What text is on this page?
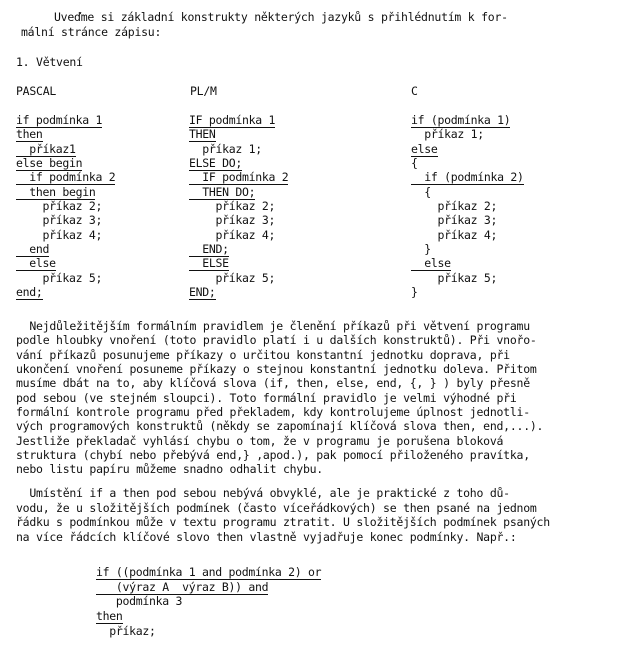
Uveďme si základní konstrukty některých jazyků s přihlédnutím k for-
mální stránce zápisu:
1. Větvení
PASCAL
if podmínka 1
then
příkaz1
else begin
if podmínka 2
then begin
příkaz 2;
příkaz 3;
příkaz 4;
end
else
příkaz 5;
end;
PL/M
IF podmínka 1
THEN
příkaz 1;
ELSE DO;
IF podmínka 2
THEN DO;
příkaz 2;
příkaz 3;
příkaz 4;
END;
ELSE
příkaz 5;
END;
C
if (podmínka 1)
příkaz 1;
else
{
if (podmínka 2)
{
příkaz 2;
příkaz 3;
příkaz 4;
}
else
příkaz 5;
}
Nejdůležitějším formálním pravidlem je členění příkazů při větvení programu
podle hloubky vnoření (toto pravidlo platí i u dalších konstruktů). Při vnořo-
vání příkazů posunujeme příkazy o určitou konstantní jednotku doprava, při
ukončení vnoření posuneme příkazy o stejnou konstantní jednotku doleva. Přitom
musíme dbát na to, aby klíčová slova (if, then, else, end, {, } ) byly přesně
pod sebou (ve stejném sloupci). Toto formální pravidlo je velmi výhodné při
formální kontrole programu před překladem, kdy kontrolujeme úplnost jednotli-
vých programových konstruktů (někdy se zapomínají klíčová slova then, end,...).
Jestliže překladač vyhlásí chybu o tom, že v programu je porušena bloková
struktura (chybí nebo přebývá end,} ,apod.), pak pomocí přiloženého pravítka,
nebo listu papíru můžeme snadno odhalit chybu.
Umístění if a then pod sebou nebývá obvyklé, ale je praktické z toho dů-
vodu, že u složitějších podmínek (často víceřádkových) se then psané na jednom
řádku s podmínkou může v textu programu ztratit. U složitějších podmínek psaných
na více řádcích klíčové slovo then vlastně vyjadřuje konec podmínky. Např.:
if ((podmínka 1 and podmínka 2) or
(výraz A  výraz B)) and
podmínka 3
then
příkaz;
